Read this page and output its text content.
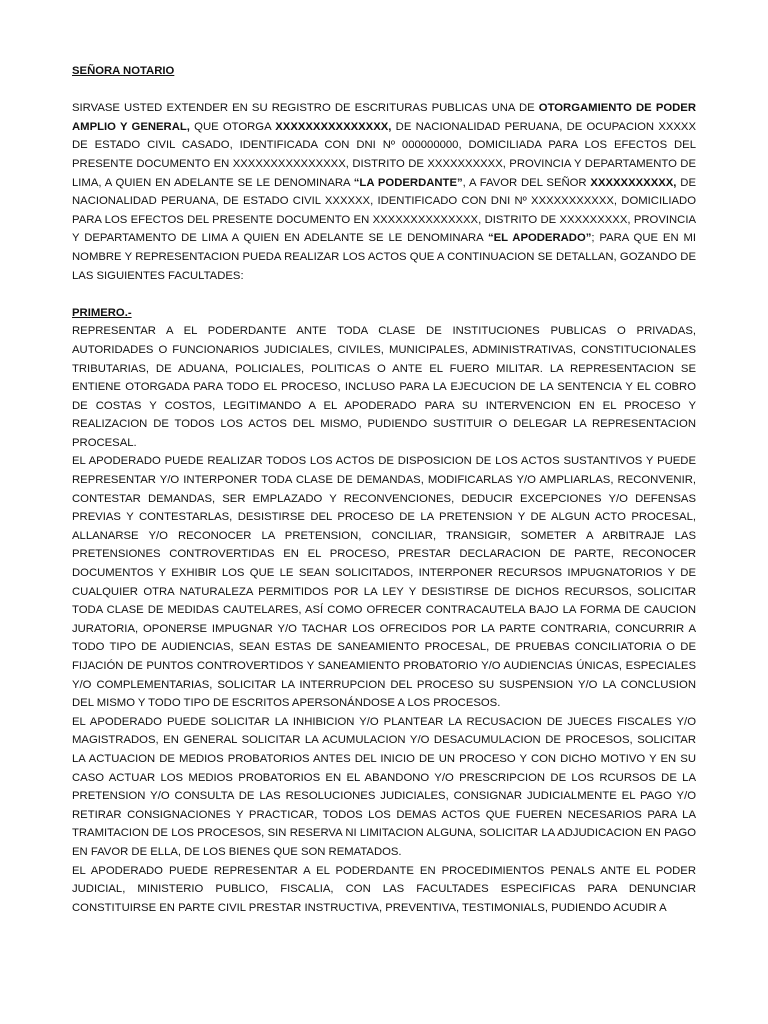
SEÑORA NOTARIO

SIRVASE USTED EXTENDER EN SU REGISTRO DE ESCRITURAS PUBLICAS UNA DE OTORGAMIENTO DE PODER AMPLIO Y GENERAL, QUE OTORGA XXXXXXXXXXXXXXX, DE NACIONALIDAD PERUANA, DE OCUPACION XXXXX DE ESTADO CIVIL CASADO, IDENTIFICADA CON DNI Nº 000000000, DOMICILIADA PARA LOS EFECTOS DEL PRESENTE DOCUMENTO EN XXXXXXXXXXXXXXX, DISTRITO DE XXXXXXXXXX, PROVINCIA Y DEPARTAMENTO DE LIMA, A QUIEN EN ADELANTE SE LE DENOMINARA “LA PODERDANTE”, A FAVOR DEL SEÑOR XXXXXXXXXXX, DE NACIONALIDAD PERUANA, DE ESTADO CIVIL XXXXXX, IDENTIFICADO CON DNI Nº XXXXXXXXXXX, DOMICILIADO PARA LOS EFECTOS DEL PRESENTE DOCUMENTO EN XXXXXXXXXXXXXX, DISTRITO DE XXXXXXXXX, PROVINCIA Y DEPARTAMENTO DE LIMA A QUIEN EN ADELANTE SE LE DENOMINARA “EL APODERADO”; PARA QUE EN MI NOMBRE Y REPRESENTACION PUEDA REALIZAR LOS ACTOS QUE A CONTINUACION SE DETALLAN, GOZANDO DE LAS SIGUIENTES FACULTADES:

PRIMERO.-

REPRESENTAR A EL PODERDANTE ANTE TODA CLASE DE INSTITUCIONES PUBLICAS O PRIVADAS, AUTORIDADES O FUNCIONARIOS JUDICIALES, CIVILES, MUNICIPALES, ADMINISTRATIVAS, CONSTITUCIONALES TRIBUTARIAS, DE ADUANA, POLICIALES, POLITICAS O ANTE EL FUERO MILITAR. LA REPRESENTACION SE ENTIENE OTORGADA PARA TODO EL PROCESO, INCLUSO PARA LA EJECUCION DE LA SENTENCIA Y EL COBRO DE COSTAS Y COSTOS, LEGITIMANDO A EL APODERADO PARA SU INTERVENCION EN EL PROCESO Y REALIZACION DE TODOS LOS ACTOS DEL MISMO, PUDIENDO SUSTITUIR O DELEGAR LA REPRESENTACION PROCESAL.

EL APODERADO PUEDE REALIZAR TODOS LOS ACTOS DE DISPOSICION DE LOS ACTOS SUSTANTIVOS Y PUEDE REPRESENTAR Y/O INTERPONER TODA CLASE DE DEMANDAS, MODIFICARLAS Y/O AMPLIARLAS, RECONVENIR, CONTESTAR DEMANDAS, SER EMPLAZADO Y RECONVENCIONES, DEDUCIR EXCEPCIONES Y/O DEFENSAS PREVIAS Y CONTESTARLAS, DESISTIRSE DEL PROCESO DE LA PRETENSION Y DE ALGUN ACTO PROCESAL, ALLANARSE Y/O RECONOCER LA PRETENSION, CONCILIAR, TRANSIGIR, SOMETER A ARBITRAJE LAS PRETENSIONES CONTROVERTIDAS EN EL PROCESO, PRESTAR DECLARACION DE PARTE, RECONOCER DOCUMENTOS Y EXHIBIR LOS QUE LE SEAN SOLICITADOS, INTERPONER RECURSOS IMPUGNATORIOS Y DE CUALQUIER OTRA NATURALEZA PERMITIDOS POR LA LEY Y DESISTIRSE DE DICHOS RECURSOS, SOLICITAR TODA CLASE DE MEDIDAS CAUTELARES, ASÍ COMO OFRECER CONTRACAUTELA BAJO LA FORMA DE CAUCION JURATORIA, OPONERSE IMPUGNAR Y/O TACHAR LOS OFRECIDOS POR LA PARTE CONTRARIA, CONCURRIR A TODO TIPO DE AUDIENCIAS, SEAN ESTAS DE SANEAMIENTO PROCESAL, DE PRUEBAS CONCILIATORIA O DE FIJACIÓN DE PUNTOS CONTROVERTIDOS Y SANEAMIENTO PROBATORIO Y/O AUDIENCIAS ÚNICAS, ESPECIALES Y/O COMPLEMENTARIAS, SOLICITAR LA INTERRUPCION DEL PROCESO SU SUSPENSION Y/O LA CONCLUSION DEL MISMO Y TODO TIPO DE ESCRITOS APERSONÁNDOSE A LOS PROCESOS.

EL APODERADO PUEDE SOLICITAR LA INHIBICION Y/O PLANTEAR LA RECUSACION DE JUECES FISCALES Y/O MAGISTRADOS, EN GENERAL SOLICITAR LA ACUMULACION Y/O DESACUMULACION DE PROCESOS, SOLICITAR LA ACTUACION DE MEDIOS PROBATORIOS ANTES DEL INICIO DE UN PROCESO Y CON DICHO MOTIVO Y EN SU CASO ACTUAR LOS MEDIOS PROBATORIOS EN EL ABANDONO Y/O PRESCRIPCION DE LOS RCURSOS DE LA PRETENSION Y/O CONSULTA DE LAS RESOLUCIONES JUDICIALES, CONSIGNAR JUDICIALMENTE EL PAGO Y/O RETIRAR CONSIGNACIONES Y PRACTICAR, TODOS LOS DEMAS ACTOS QUE FUEREN NECESARIOS PARA LA TRAMITACION DE LOS PROCESOS, SIN RESERVA NI LIMITACION ALGUNA, SOLICITAR LA ADJUDICACION EN PAGO EN FAVOR DE ELLA, DE LOS BIENES QUE SON REMATADOS.

EL APODERADO PUEDE REPRESENTAR A EL PODERDANTE EN PROCEDIMIENTOS PENALS ANTE EL PODER JUDICIAL, MINISTERIO PUBLICO, FISCALIA, CON LAS FACULTADES ESPECIFICAS PARA DENUNCIAR CONSTITUIRSE EN PARTE CIVIL PRESTAR INSTRUCTIVA, PREVENTIVA, TESTIMONIALS, PUDIENDO ACUDIR A
